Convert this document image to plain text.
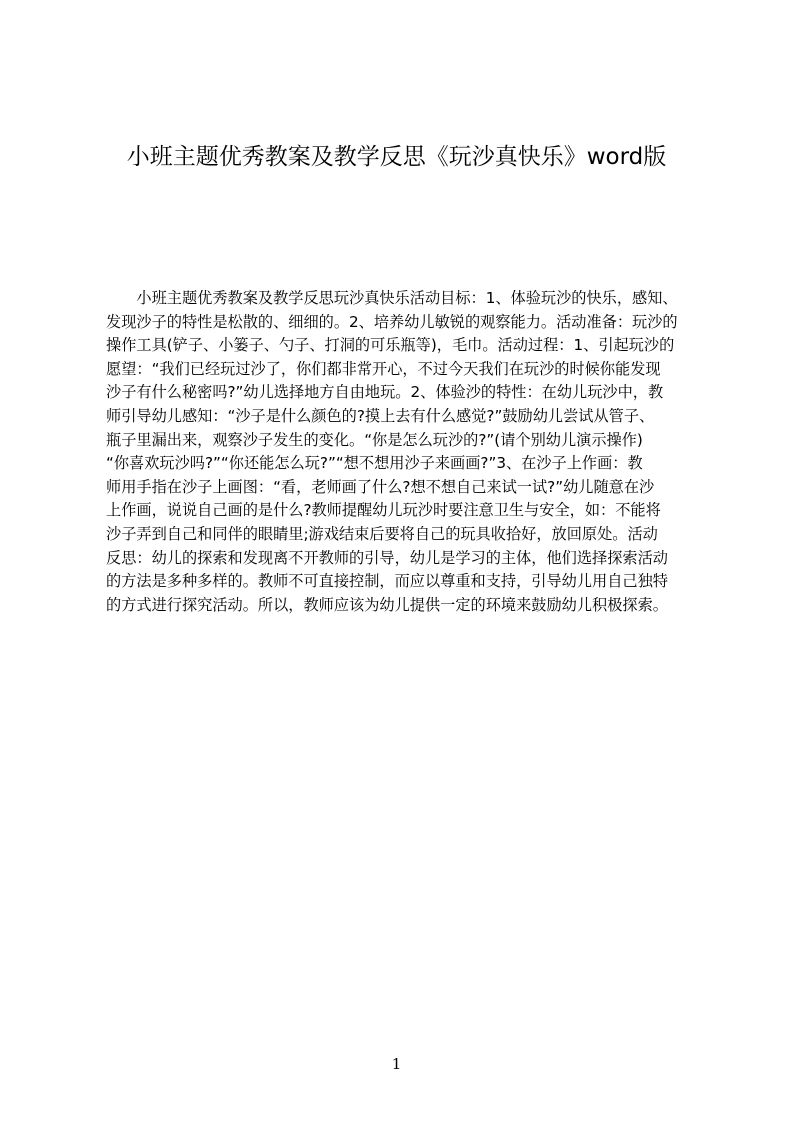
小班主题优秀教案及教学反思《玩沙真快乐》word版
　　小班主题优秀教案及教学反思玩沙真快乐活动目标：1、体验玩沙的快乐，感知、
发现沙子的特性是松散的、细细的。2、培养幼儿敏锐的观察能力。活动准备：玩沙的
操作工具(铲子、小篓子、勺子、打洞的可乐瓶等)，毛巾。活动过程：1、引起玩沙的
愿望：“我们已经玩过沙了，你们都非常开心，不过今天我们在玩沙的时候你能发现
沙子有什么秘密吗?”幼儿选择地方自由地玩。2、体验沙的特性：在幼儿玩沙中，教
师引导幼儿感知：“沙子是什么颜色的?摸上去有什么感觉?”鼓励幼儿尝试从管子、
瓶子里漏出来，观察沙子发生的变化。“你是怎么玩沙的?”(请个别幼儿演示操作)
“你喜欢玩沙吗?”“你还能怎么玩?”“想不想用沙子来画画?”3、在沙子上作画：教
师用手指在沙子上画图：“看，老师画了什么?想不想自己来试一试?”幼儿随意在沙
上作画，说说自己画的是什么?教师提醒幼儿玩沙时要注意卫生与安全，如：不能将
沙子弄到自己和同伴的眼睛里;游戏结束后要将自己的玩具收拾好，放回原处。活动
反思：幼儿的探索和发现离不开教师的引导，幼儿是学习的主体，他们选择探索活动
的方法是多种多样的。教师不可直接控制，而应以尊重和支持，引导幼儿用自己独特
的方式进行探究活动。所以，教师应该为幼儿提供一定的环境来鼓励幼儿积极探索。
1
